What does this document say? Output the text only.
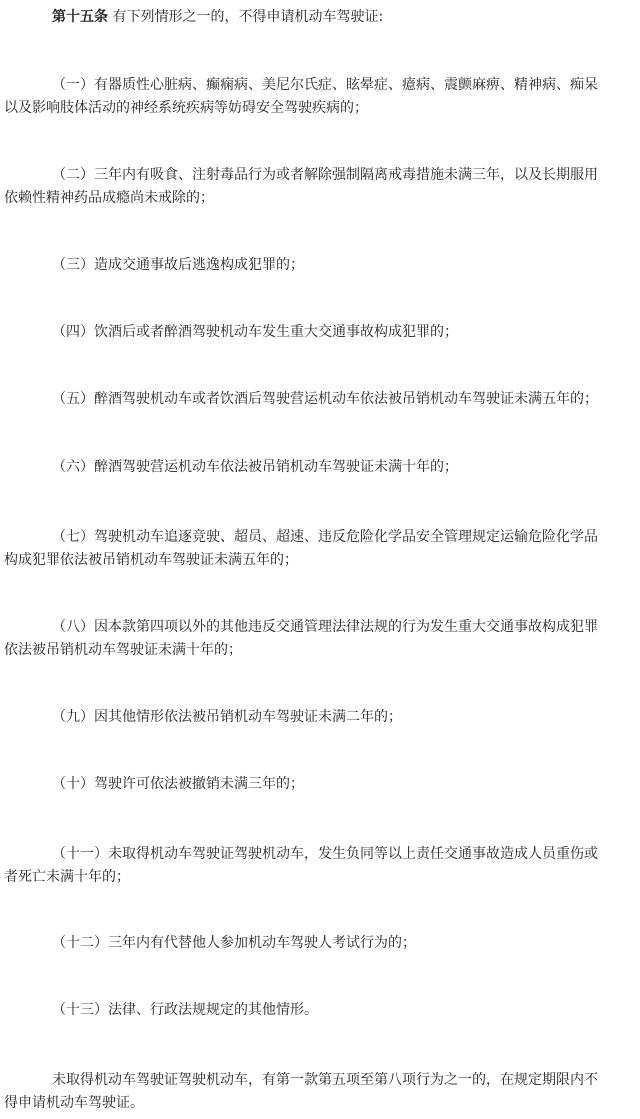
第十五条 有下列情形之一的，不得申请机动车驾驶证:
（一）有器质性心脏病、癫痫病、美尼尔氏症、眩晕症、癔病、震颤麻痹、精神病、痴呆
以及影响肢体活动的神经系统疾病等妨碍安全驾驶疾病的；
（二）三年内有吸食、注射毒品行为或者解除强制隔离戒毒措施未满三年，以及长期服用
依赖性精神药品成瘾尚未戒除的；
（三）造成交通事故后逃逸构成犯罪的；
（四）饮酒后或者醉酒驾驶机动车发生重大交通事故构成犯罪的；
（五）醉酒驾驶机动车或者饮酒后驾驶营运机动车依法被吊销机动车驾驶证未满五年的；
（六）醉酒驾驶营运机动车依法被吊销机动车驾驶证未满十年的；
（七）驾驶机动车追逐竞驶、超员、超速、违反危险化学品安全管理规定运输危险化学品
构成犯罪依法被吊销机动车驾驶证未满五年的；
（八）因本款第四项以外的其他违反交通管理法律法规的行为发生重大交通事故构成犯罪
依法被吊销机动车驾驶证未满十年的；
（九）因其他情形依法被吊销机动车驾驶证未满二年的；
（十）驾驶许可依法被撤销未满三年的；
（十一）未取得机动车驾驶证驾驶机动车，发生负同等以上责任交通事故造成人员重伤或
者死亡未满十年的；
（十二）三年内有代替他人参加机动车驾驶人考试行为的；
（十三）法律、行政法规规定的其他情形。
未取得机动车驾驶证驾驶机动车，有第一款第五项至第八项行为之一的，在规定期限内不
得申请机动车驾驶证。
